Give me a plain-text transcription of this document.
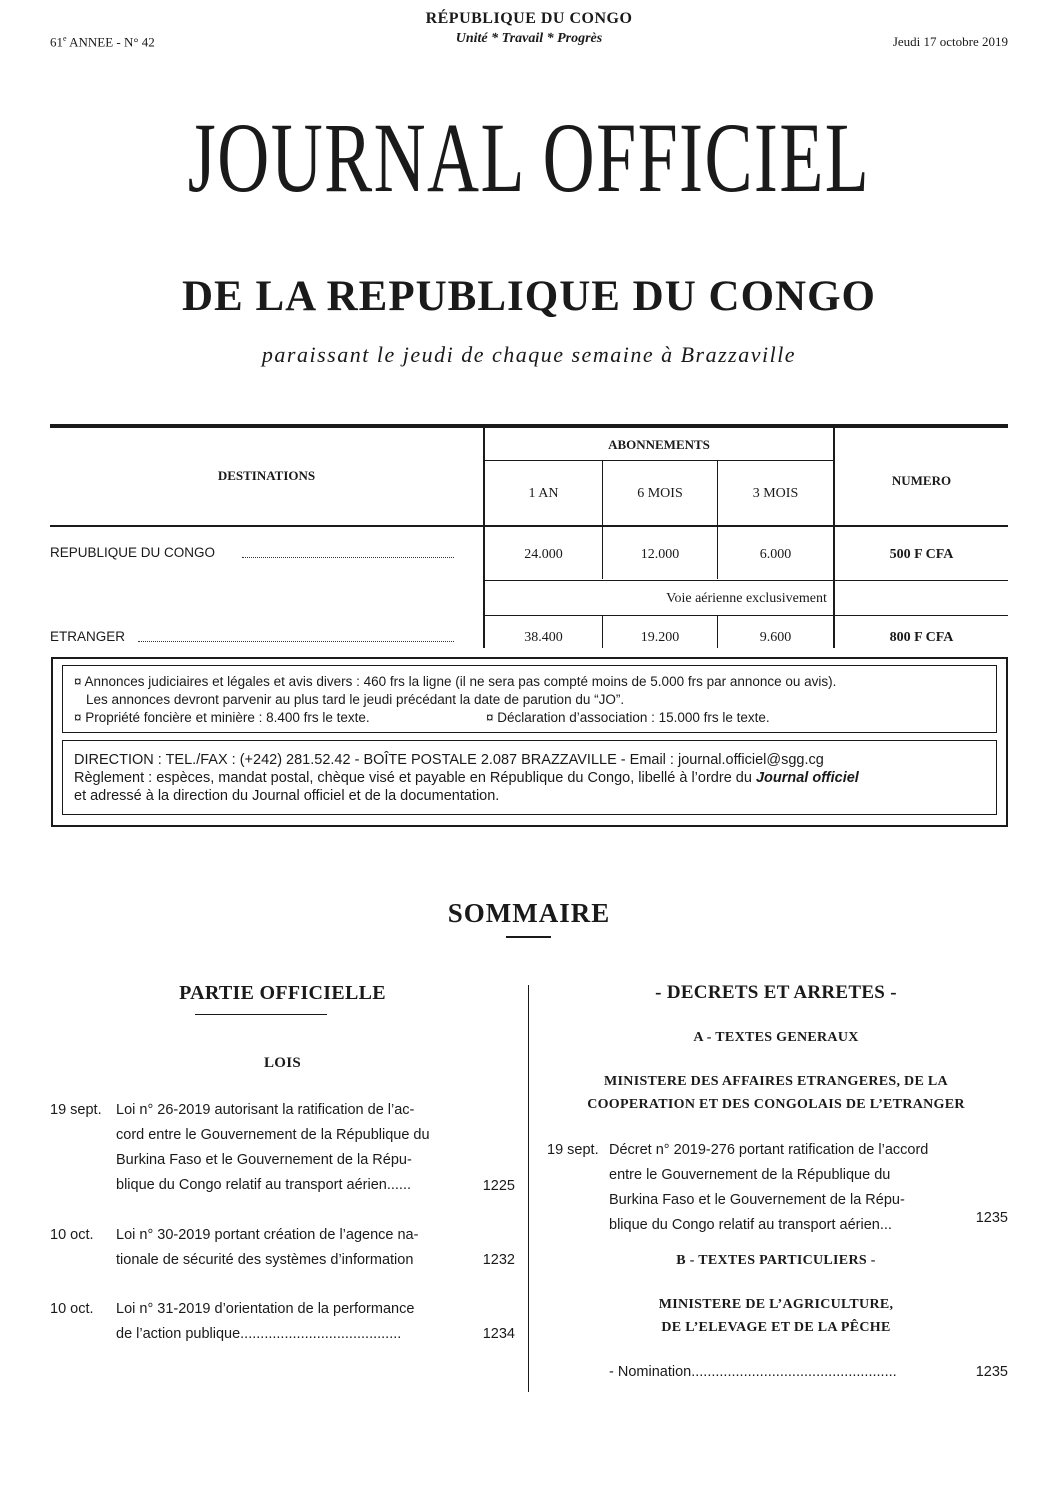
61e ANNEE - N° 42	Jeudi 17 octobre 2019
RÉPUBLIQUE DU CONGO
Unité * Travail * Progrès
JOURNAL OFFICIEL
DE LA REPUBLIQUE DU CONGO
paraissant le jeudi de chaque semaine à Brazzaville
DESTINATIONS
ABONNEMENTS
1 AN	6 MOIS	3 MOIS
NUMERO
REPUBLIQUE DU CONGO	24.000	12.000	6.000	500 F CFA
Voie aérienne exclusivement
ETRANGER	38.400	19.200	9.600	800 F CFA
¤ Annonces judiciaires et légales et avis divers : 460 frs la ligne (il ne sera pas compté moins de 5.000 frs par annonce ou avis).
Les annonces devront parvenir au plus tard le jeudi précédant la date de parution du “JO”.
¤ Propriété foncière et minière : 8.400 frs le texte.	¤ Déclaration d’association : 15.000 frs le texte.
DIRECTION : TEL./FAX : (+242) 281.52.42 - BOÎTE POSTALE 2.087 BRAZZAVILLE - Email : journal.officiel@sgg.cg
Règlement : espèces, mandat postal, chèque visé et payable en République du Congo, libellé à l’ordre du Journal officiel
et adressé à la direction du Journal officiel et de la documentation.
SOMMAIRE
PARTIE OFFICIELLE
LOIS
19 sept. Loi n° 26-2019 autorisant la ratification de l’ac-
cord entre le Gouvernement de la République du
Burkina Faso et le Gouvernement de la Répu-
blique du Congo relatif au transport aérien......	1225
10 oct. Loi n° 30-2019 portant création de l’agence na-
tionale de sécurité des systèmes d’information	1232
10 oct. Loi n° 31-2019 d’orientation de la performance
de l’action publique........................................	1234
- DECRETS ET ARRETES -
A - TEXTES GENERAUX
MINISTERE DES AFFAIRES ETRANGERES, DE LA
COOPERATION ET DES CONGOLAIS DE L’ETRANGER
19 sept. Décret n° 2019-276 portant ratification de l’accord
entre le Gouvernement de la République du
Burkina Faso et le Gouvernement de la Répu-
blique du Congo relatif au transport aérien...	1235
B - TEXTES PARTICULIERS -
MINISTERE DE L’AGRICULTURE,
DE L’ELEVAGE ET DE LA PÊCHE
- Nomination...................................................	1235
